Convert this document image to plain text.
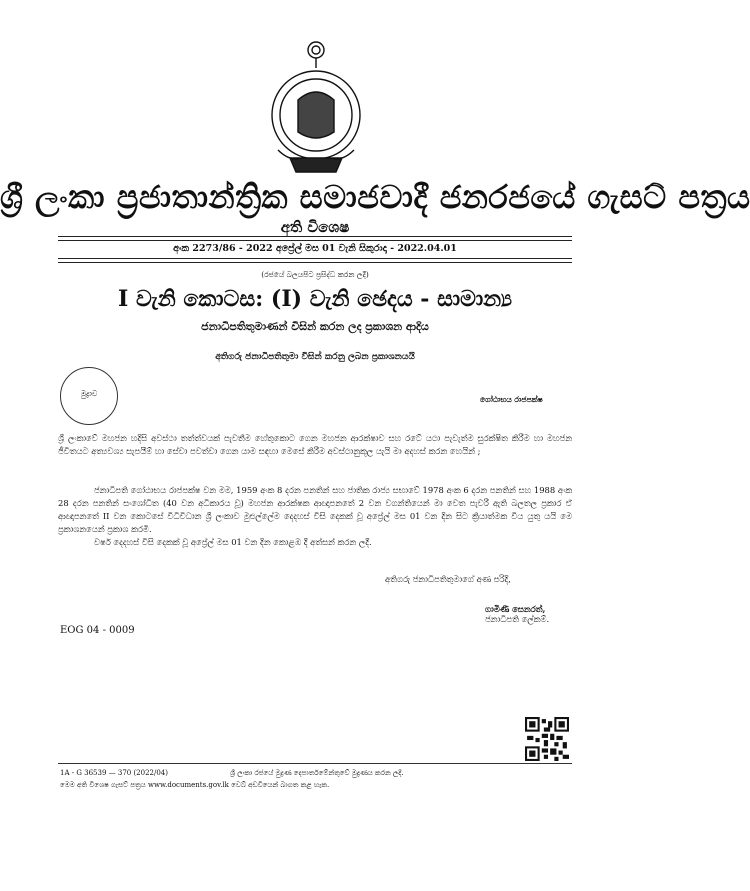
ශ්‍රී ලංකා ප්‍රජාතාන්ත්‍රික සමාජවාදී ජනරජයේ ගැසට් පත්‍රය
අති විශෙෂ
අංක 2273/86 - 2022 අප්‍රේල් මස 01 වැනි සිකුරාදා - 2022.04.01
(රජයේ බලයපිට ප්‍රසිද්ධ කරන ලදී)
I වැනි කොටස: (I) වැනි ඡෙදය - සාමාන්‍ය
ජනාධිපතිතුමාණන් විසින් කරන ලද ප්‍රකාශන ආදිය
අතිගරු ජනාධිපතිතුමා විසින් කරනු ලබන ප්‍රකාශනයයි
මුද්‍රාව
ගෝඨාභය රාජපක්ෂ
ශ්‍රී ලංකාවේ මහජන හදිසි අවස්ථා තත්ත්වයක් පැවතීම හේතුකොට ගෙන මහජන ආරක්ෂාව සහ රටේ යථා පැවැත්ම සුරක්ෂිත කිරීම හා මහජන ජීවිතයට අත්‍යවශ්‍ය සැපයීම් හා සේවා පවත්වා ගෙන යාම සඳහා මෙසේ කිරීම අවස්ථානුකූල යැයි මා අදහස් කරන හෙයින් ;
ජනාධිපති ගෝඨාභය රාජපක්ෂ වන මම, 1959 අංක 8 දරන පනතින් සහ ජාතික රාජ්‍ය සභාවේ 1978 අංක 6 දරන පනතින් සහ 1988 අංක 28 දරන පනතින් සංශෝධිත (40 වන අධිකාරය වූ) මහජන ආරක්ෂක ආඥාපනතේ 2 වන වගන්තියෙන් මා වෙත පැවරී ඇති බලතල ප්‍රකාර ඒ ආඥාපනතේ II වන කොටසේ විධිවිධාන ශ්‍රී ලංකාව මුළුල්ලේම දෙදහස් විසි දෙකක් වූ අප්‍රේල් මස 01 වන දින සිට ක්‍රියාත්මක විය යුතු යයි මෙ ප්‍රකාශනයෙන් ප්‍රකාශ කරමි.
වර්ෂ දෙදහස් විසි දෙකක් වූ අප්‍රේල් මස 01 වන දින කොළඹ දී අත්සන් කරන ලදී.
අතිගරු ජනාධිපතිතුමාගේ අණ පරිදි,
ගාමිණී සෙනරත්,
ජනාධිපති ලේකම්.
EOG 04 - 0009
1A - G 36539 — 370 (2022/04)	ශ්‍රී ලංකා රජයේ මුද්‍රණ දෙපාර්තමේන්තුවේ මුද්‍රණය කරන ලදී.
මෙම අති විශෙෂ ගැසට් පත්‍රය www.documents.gov.lk වෙබ් අඩවියෙන් බාගත කළ හැක.
